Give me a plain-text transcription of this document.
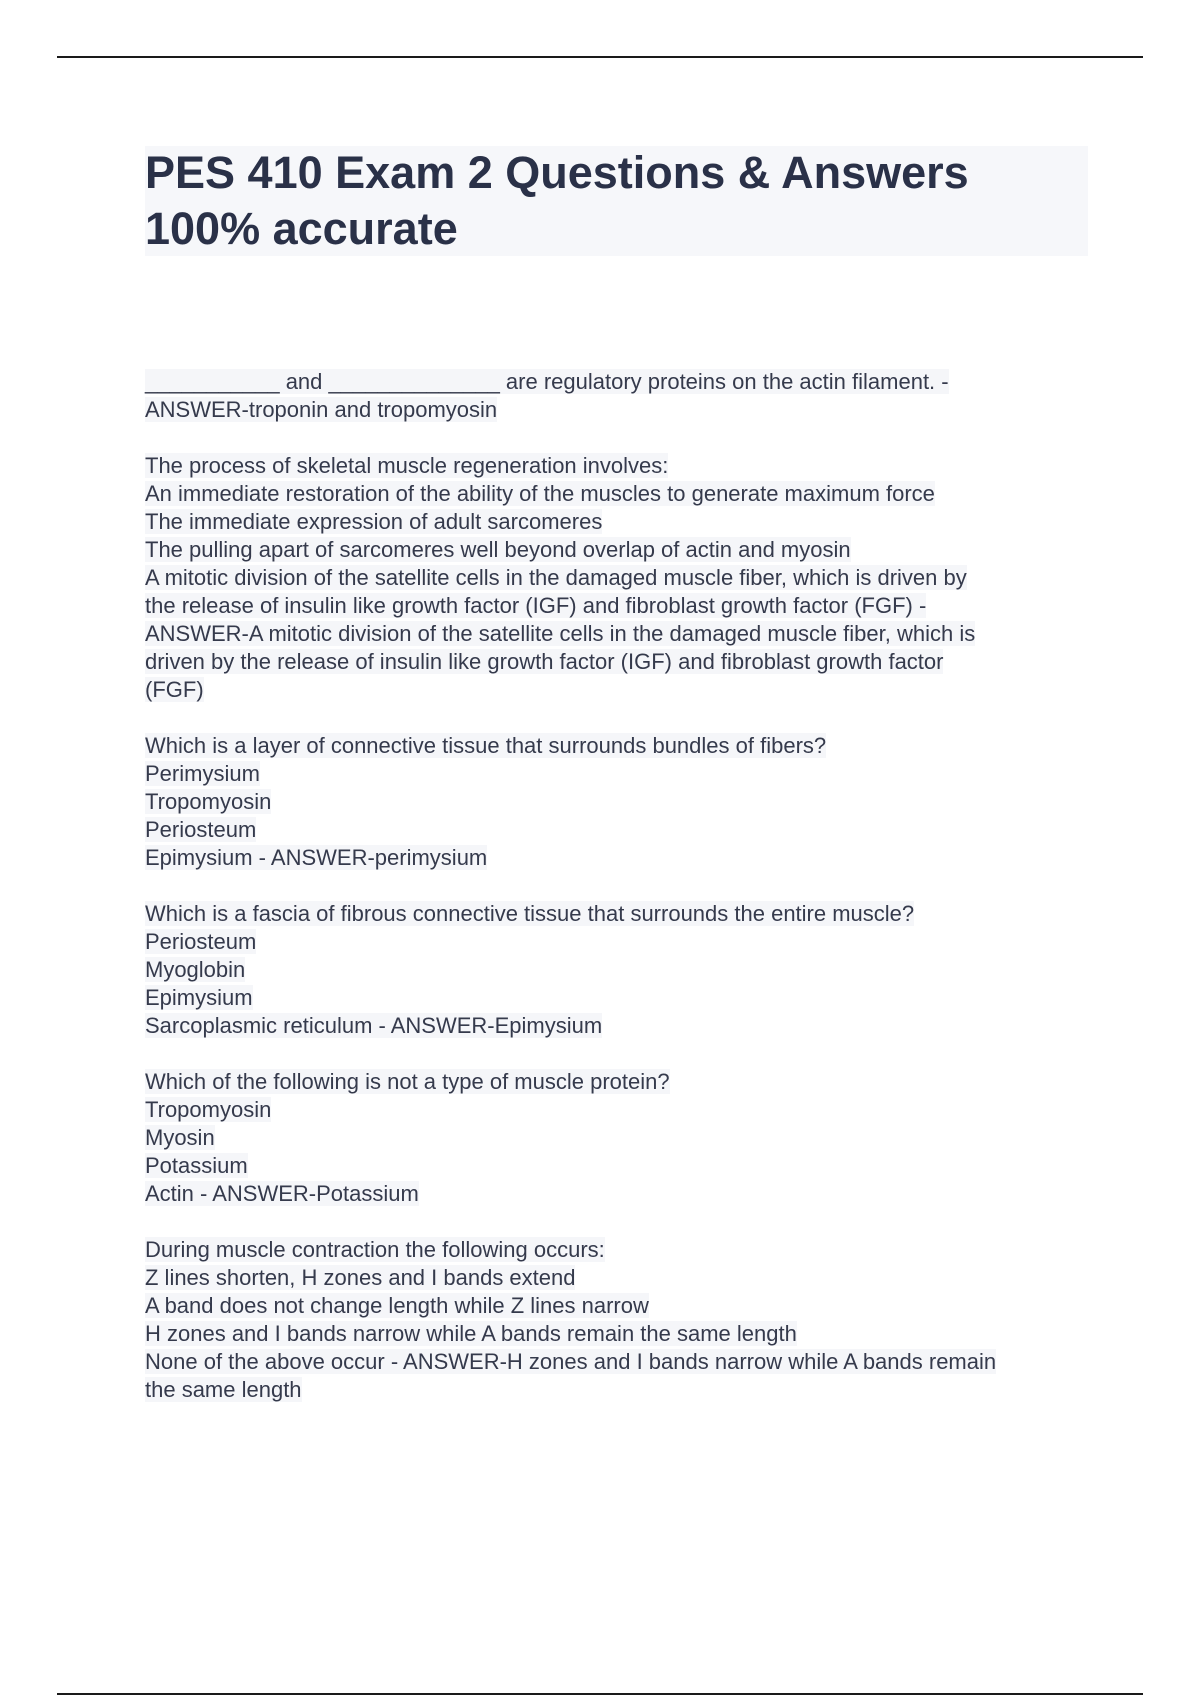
PES 410 Exam 2 Questions & Answers
100% accurate
___________ and ______________ are regulatory proteins on the actin filament. -
ANSWER-troponin and tropomyosin
The process of skeletal muscle regeneration involves:
An immediate restoration of the ability of the muscles to generate maximum force
The immediate expression of adult sarcomeres
The pulling apart of sarcomeres well beyond overlap of actin and myosin
A mitotic division of the satellite cells in the damaged muscle fiber, which is driven by
the release of insulin like growth factor (IGF) and fibroblast growth factor (FGF) -
ANSWER-A mitotic division of the satellite cells in the damaged muscle fiber, which is
driven by the release of insulin like growth factor (IGF) and fibroblast growth factor
(FGF)
Which is a layer of connective tissue that surrounds bundles of fibers?
Perimysium
Tropomyosin
Periosteum
Epimysium - ANSWER-perimysium
Which is a fascia of fibrous connective tissue that surrounds the entire muscle?
Periosteum
Myoglobin
Epimysium
Sarcoplasmic reticulum - ANSWER-Epimysium
Which of the following is not a type of muscle protein?
Tropomyosin
Myosin
Potassium
Actin - ANSWER-Potassium
During muscle contraction the following occurs:
Z lines shorten, H zones and I bands extend
A band does not change length while Z lines narrow
H zones and I bands narrow while A bands remain the same length
None of the above occur - ANSWER-H zones and I bands narrow while A bands remain
the same length
